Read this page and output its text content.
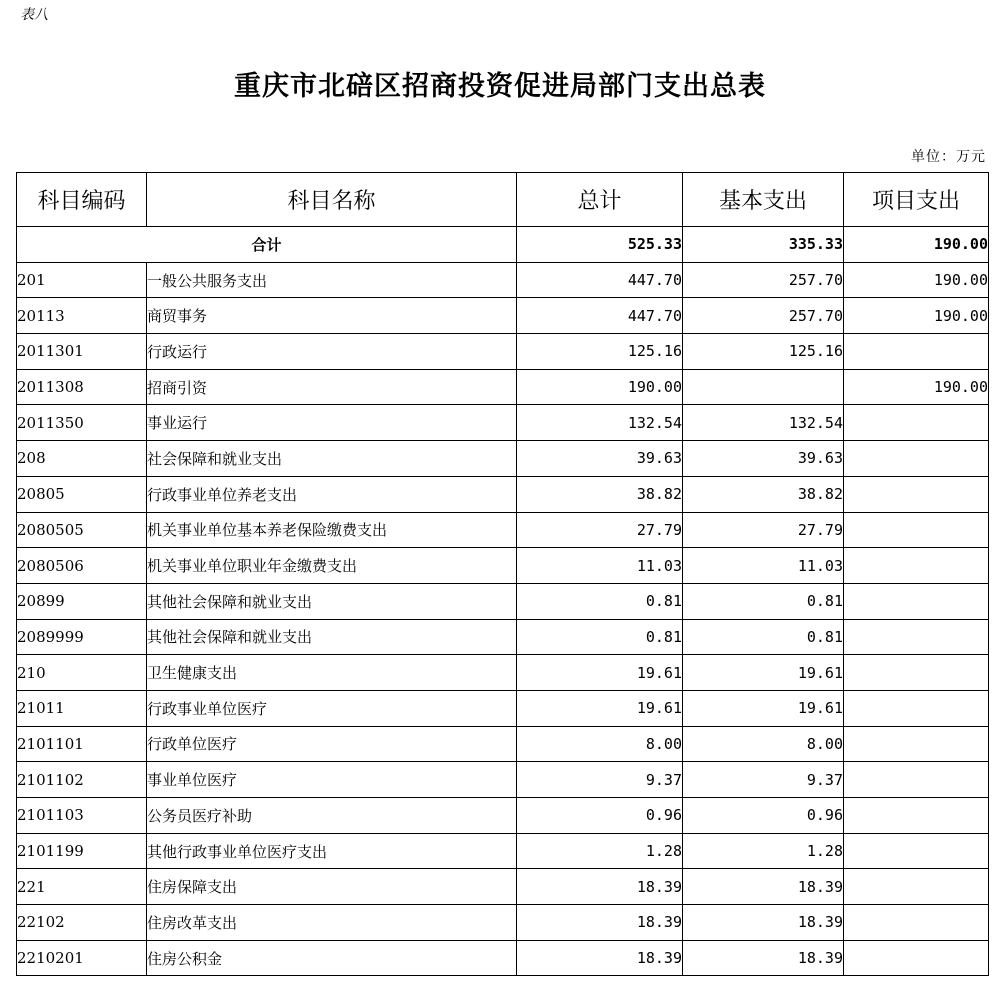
表八
重庆市北碚区招商投资促进局部门支出总表
单位：万元
科目编码	科目名称	总计	基本支出	项目支出
合计		525.33	335.33	190.00
201	一般公共服务支出	447.70	257.70	190.00
20113	商贸事务	447.70	257.70	190.00
2011301	行政运行	125.16	125.16	
2011308	招商引资	190.00		190.00
2011350	事业运行	132.54	132.54	
208	社会保障和就业支出	39.63	39.63	
20805	行政事业单位养老支出	38.82	38.82	
2080505	机关事业单位基本养老保险缴费支出	27.79	27.79	
2080506	机关事业单位职业年金缴费支出	11.03	11.03	
20899	其他社会保障和就业支出	0.81	0.81	
2089999	其他社会保障和就业支出	0.81	0.81	
210	卫生健康支出	19.61	19.61	
21011	行政事业单位医疗	19.61	19.61	
2101101	行政单位医疗	8.00	8.00	
2101102	事业单位医疗	9.37	9.37	
2101103	公务员医疗补助	0.96	0.96	
2101199	其他行政事业单位医疗支出	1.28	1.28	
221	住房保障支出	18.39	18.39	
22102	住房改革支出	18.39	18.39	
2210201	住房公积金	18.39	18.39	
